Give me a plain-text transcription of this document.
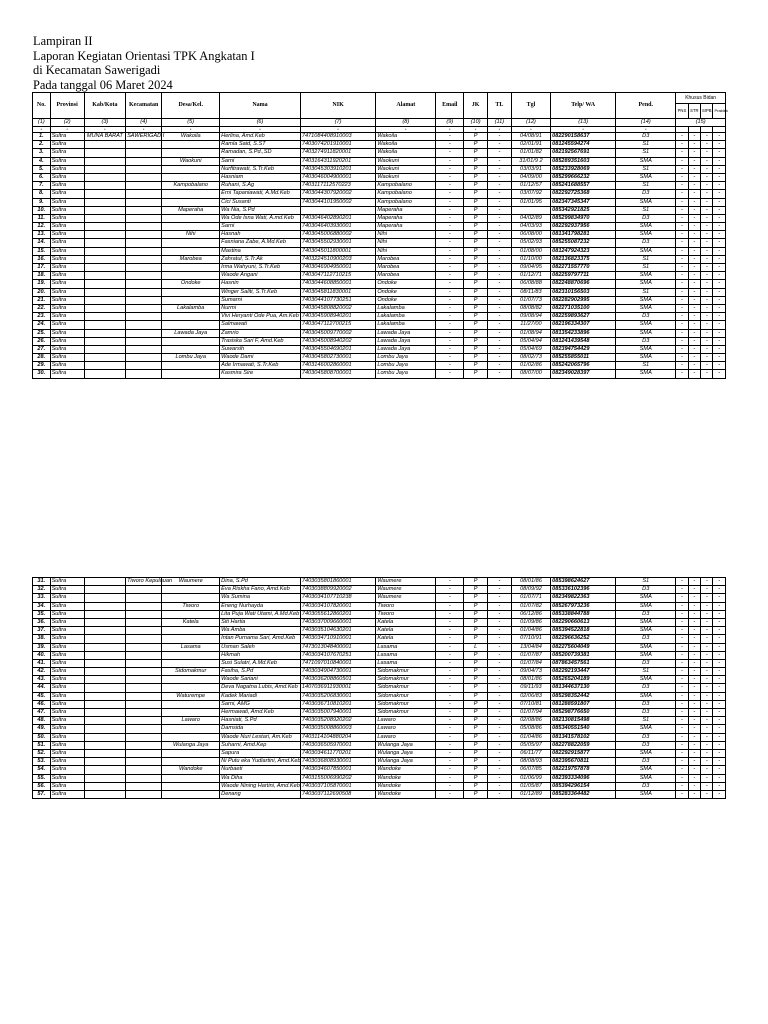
Lampiran II
Laporan Kegiatan Orientasi TPK Angkatan I
di Kecamatan Sawerigadi
Pada tanggal 06 Maret 2024
No.	Provinsi	Kab/Kota	Kecamatan	Desa/Kel.	Nama	NIK	Alamat	Email	JK	TL	Tgl	Telp/ WA	Pend.	Khusus Bidan			
														PNS	STR	SIPB	Praktek
(1)	(2)	(3)	(4)	(5)	(6)	(7)	(8)	(9)	(10)	(11)	(12)	(13)	(14)	(15)			
*	*	*	*	*	*	*	*	*	*	*	*	*	*				
1.	Sultra	MUNA BARAT	SAWERIGAD I	Wakoila	Herlina, Amd.Keb	7471084408910003	Wakoila	-	P	-	04/08/91	082290158637	D3	-	-	-	-
2.	Sultra				Ramla Said, S.ST	7403074201910001	Wakoila	-	P	-	02/01/91	081245594274	S1	-	-	-	-
3.	Sultra				Ramadan, S.Pd.,SD	7403274911820001	Wakoila	-	P	-	01/01/82	082192567691	S1	-	-	-	-
4.	Sultra			Waokuni	Sarni	7403164311920201	Waokuni	-	P	-	31/01/9 2	085289351603	SMA	-	-	-	-
5.	Sultra				Nurfitrawati, S.Tr.Keb	7403045303910201	Waokuni	-	P	-	03/03/91	085233928069	S1	-	-	-	-
6.	Sultra				Hasniam	7403046004900001	Waokuni	-	P	-	04/09/00	085299666232	SMA	-	-	-	-
7.	Sultra			Kampobalano	Ruhani, S.Ag	7403117112570223	Kampobalano	-	P	-	01/12/57	085241688557	S1	-	-	-	-
8.	Sultra				Erni Tapaniawati, A.Md.Keb	7403044307920002	Kampobalano	-	P	-	03/07/92	082292725368	D3	-	-	-	-
9.	Sultra				Cici Susanti	7403044101950002	Kampobalano	-	P	-	01/01/95	082347345347	SMA	-	-	-	-
10.	Sultra			Maperaha	Wa Nia, S.Pd		Maperaha	-	P	-		085342921825	S1	-	-	-	-
11.	Sultra				Wa Ode Isna Wati, A.md.Keb	7403046402890201	Maperaha	-	P	-	04/02/89	085299834970	D3	-	-	-	-
12.	Sultra				Sarni	7403046403930001	Maperaha	-	P	-	04/03/93	082292937956	SMA	-	-	-	-
13.	Sultra			Nihi	Hasnah	7403045006880002	Nihi	-	P	-	06/08/00	081341798281	SMA	-	-	-	-
14.	Sultra				Fasniana Zabe, A.Md.Keb	7403045502930001	Nihi	-	P	-	05/02/93	085255087232	D3	-	-	-	-
15.	Sultra				Mastina	7403045011800001	Nihi	-	P	-	01/08/00	081247924323	SMA	-	-	-	-
16.	Sultra			Marobea	Zahratul, S.Tr.Ak	7403224510900203	Marobea	-	P	-	01/10/00	082136823375	S1	-	-	-	-
17.	Sultra				Irma Wahyuni, S.Tr.Keb	7403046904950001	Marobea	-	P	-	09/04/95	082271557770	S1	-	-	-	-
18.	Sultra				Waode Angani	7403047112710215	Marobea	-	P	-	01/12/71	082259797711	SMA	-	-	-	-
19.	Sultra			Ondoke	Hasnin	7403044608850001	Ondoke	-	P	-	06/08/88	082248870696	SMA	-	-	-	-
20.	Sultra				Winger Saliti, S.Tr.Keb	7403045811830001	Ondoke	-	P	-	08/11/83	082310156503	S1	-	-	-	-
21.	Sultra				Sumarni	7403044107730251	Ondoke	-	P	-	01/07/73	082282902995	SMA	-	-	-	-
22.	Sultra			Lakalamba	Nurmi	7403045808820002	Lakalamba	-	P	-	08/08/82	082271035100	SMA	-	-	-	-
23.	Sultra				Vivi Heryanti Ode Pua, Am.Keb	7403045908940201	Lakalamba	-	P	-	09/08/94	082259893627	D3	-	-	-	-
24.	Sultra				Salmawati	7403047112700215	Lakalamba	-	P	-	11/27/00	082196334307	SMA	-	-	-	-
25.	Sultra			Lawada Jaya	Zamrio	7403045009770002	Lawada Jaya	-	P	-	01/08/94	081354233896	SMA	-	-	-	-
26.	Sultra				Trasiska Sari F, Amd.Keb	7403045008940202	Lawada Jaya	-	P	-	05/04/94	081241439548	D3	-	-	-	-
27.	Sultra				Suwarsih	7403045504690201	Lawada Jaya	-	P	-	05/04/69	082394754429	SMA	-	-	-	-
28.	Sultra			Lombu Jaya	Waode Dami	7403045802730001	Lombu Jaya	-	P	-	08/02/73	085255855011	SMA	-	-	-	-
29.	Sultra				Ade Irmawati, S.Tr.Keb	7403146002860001	Lombu Jaya	-	P	-	01/02/86	085242065796	S1	-	-	-	-
30.	Sultra				Kasmira Sire	7403045808700001	Lombu Jaya	-	P	-	08/07/00	082349028397	SMA	-	-	-	-
31.	Sultra		Tiworo Kepulauan	Waumere	Dina, S.Pd	7403035801860001	Waumere	-	P	-	08/01/86	085398624627	S1	-	-	-	-
32.	Sultra				Eva Riskha Fano, Amd.Keb	7403038809920002	Waumere	-	P	-	08/09/92	085336102396	D3	-	-	-	-
33.	Sultra				Wa Sumina	7403034107710238	Waumere	-	P	-	01/07/71	082349822363	SMA	-	-	-	-
34.	Sultra			Tiworo	Eneng Nurhayda	7403034107820001	Tiworo	-	P	-	01/07/82	085267973236	SMA	-	-	-	-
35.	Sultra				Lita Puja Wati Utami, A.Md.Keb	7403055612860201	Tiworo	-	P	-	06/12/86	085338844788	D3	-	-	-	-
36.	Sultra			Katela	Siti Hartia	7403037009660001	Katela	-	P	-	01/09/86	082290660613	SMA	-	-	-	-
37.	Sultra				Wa Amba	7403035104630201	Katela	-	P	-	01/04/86	085394522818	SMA	-	-	-	-
38.	Sultra				Intan Purnama Sari, Amd.Keb	7403034710910001	Katela	-	P	-	07/10/91	082296636252	D3	-	-	-	-
39.	Sultra			Lasama	Usman Saleh	7473013048400001	Lasama	-	L	-	13/04/84	082275604049	SMA	-	-	-	-
40.	Sultra				Hikmah	7403034107670251	Lasama	-	P	-	01/07/87	085200739381	SMA	-	-	-	-
41.	Sultra				Susi Sulatri, A.Md.Keb	7471097010840001	Lasama	-	P	-	01/07/84	087863457561	D3	-	-	-	-
42.	Sultra			Sidomakmur	Fasiha, S.Pd	7403034904730001	Sidomakmur	-	P	-	09/04/73	082292193447	S1	-	-	-	-
43.	Sultra				Waode Sariani	7403036208860501	Sidomakmur	-	P	-	08/01/86	085265204189	SMA	-	-	-	-
44.	Sultra				Deva Nagatna Lubis, Amd.Keb	1407036911930001	Sidomakmur	-	P	-	09/11/93	081344637130	D3	-	-	-	-
45.	Sultra			Waturempe	Kadek Mariadi	7403035206830001	Sidomakmur	-	P	-	02/06/83	085298352442	SMA	-	-	-	-
46.	Sultra				Sarni, AMG	7403036710810201	Sidomakmur	-	P	-	07/10/81	081288591807	D3	-	-	-	-
47.	Sultra				Hermawati, Amd.Keb	7403035007940001	Sidomakmur	-	P	-	01/07/94	085298776650	D3	-	-	-	-
48.	Sultra			Lawaro	Hasniati, S.Pd	7403035208920202	Lawaro	-	P	-	02/08/86	082130815498	S1	-	-	-	-
49.	Sultra				Damsida	7403035008860003	Lawaro	-	P	-	05/08/86	085340551540	SMA	-	-	-	-
50.	Sultra				Waode Nuri Lestari, Am.Keb	7403114104880204	Lawaro	-	P	-	01/04/86	081341578102	D3	-	-	-	-
51.	Sultra			Wulanga Jaya	Suharni, Amd.Kep	7403036505970001	Wulanga Jaya	-	P	-	05/05/97	082278822059	D3	-	-	-	-
52.	Sultra				Sapura	7403034611770201	Wulanga Jaya	-	P	-	06/11/77	082292915877	SMA	-	-	-	-
53.	Sultra				Ni Putu eka Yudiartini, Amd.Keb	7403036808930001	Wulanga Jaya	-	P	-	08/08/93	082395670811	D3	-	-	-	-
54.	Sultra			Wandoke	Nurbaeti	7403034607850001	Wandoke	-	P	-	06/07/85	082219757878	SMA	-	-	-	-
55.	Sultra				Wa Diha	7403155006990202	Wandoke	-	P	-	01/06/99	082393334096	SMA	-	-	-	-
56.	Sultra				Waode Nining Hartini, Amd.Keb	7403037105870001	Wandoke	-	P	-	01/05/87	085394296154	D3	-	-	-	-
57.	Sultra				Denang	7403037112690508	Wandoke	-	P	-	01/12/89	085283364482	SMA	-	-	-	-
